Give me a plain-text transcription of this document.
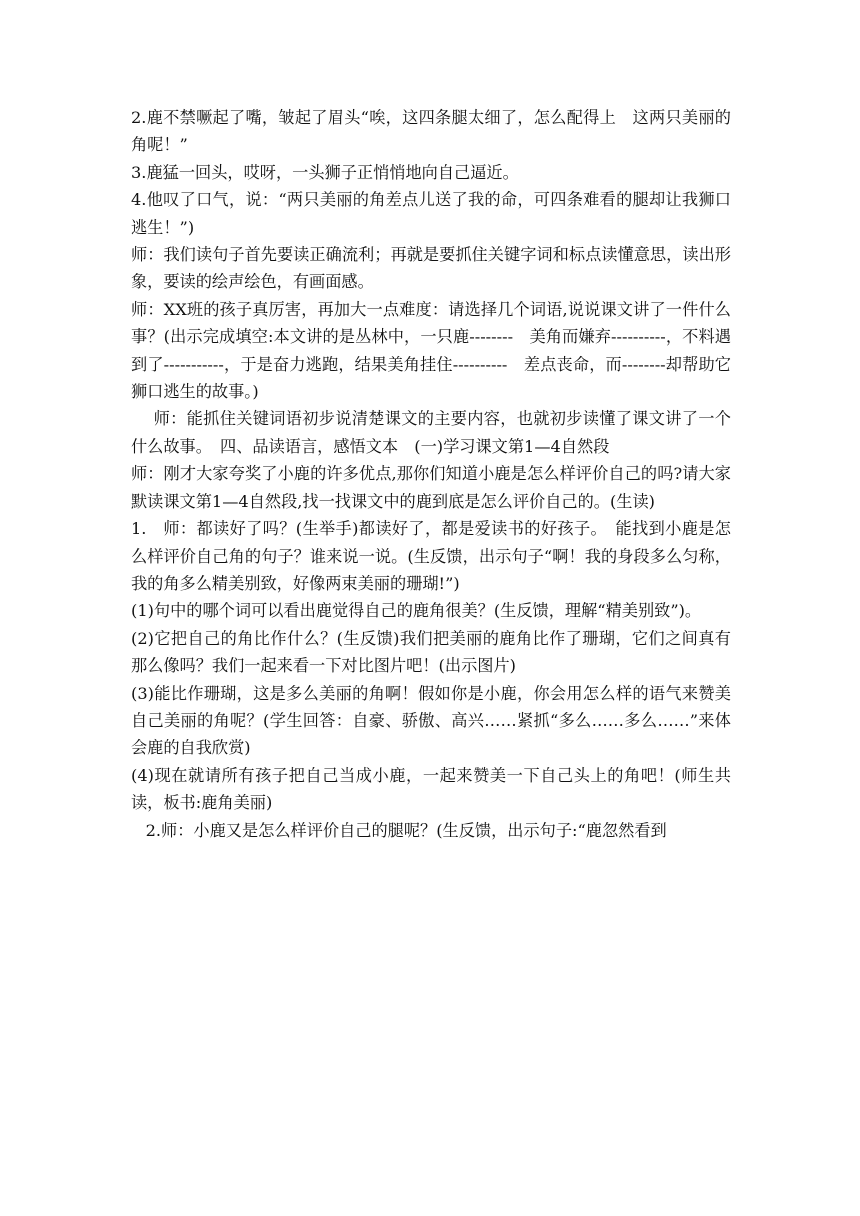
2.鹿不禁噘起了嘴，皱起了眉头“唉，这四条腿太细了，怎么配得上　这两只美丽的角呢！”

3.鹿猛一回头，哎呀，一头狮子正悄悄地向自己逼近。

4.他叹了口气，说：“两只美丽的角差点儿送了我的命，可四条难看的腿却让我狮口逃生！”)

师：我们读句子首先要读正确流利；再就是要抓住关键字词和标点读懂意思，读出形象，要读的绘声绘色，有画面感。

师：XX班的孩子真厉害，再加大一点难度：请选择几个词语,说说课文讲了一件什么事？(出示完成填空:本文讲的是丛林中，一只鹿--------　美角而嫌弃----------，不料遇到了-----------，于是奋力逃跑，结果美角挂住----------　差点丧命，而--------却帮助它狮口逃生的故事。)

师：能抓住关键词语初步说清楚课文的主要内容，也就初步读懂了课文讲了一个什么故事。　四、品读语言，感悟文本　(一)学习课文第1—4自然段

师：刚才大家夸奖了小鹿的许多优点,那你们知道小鹿是怎么样评价自己的吗?请大家默读课文第1—4自然段,找一找课文中的鹿到底是怎么评价自己的。(生读)

1.　师：都读好了吗？(生举手)都读好了，都是爱读书的好孩子。　能找到小鹿是怎么样评价自己角的句子？谁来说一说。(生反馈，出示句子“啊！我的身段多么匀称，我的角多么精美别致，好像两束美丽的珊瑚!”)

(1)句中的哪个词可以看出鹿觉得自己的鹿角很美？(生反馈，理解“精美别致”)。

(2)它把自己的角比作什么？(生反馈)我们把美丽的鹿角比作了珊瑚，它们之间真有那么像吗？我们一起来看一下对比图片吧！(出示图片)

(3)能比作珊瑚，这是多么美丽的角啊！假如你是小鹿，你会用怎么样的语气来赞美自己美丽的角呢？(学生回答：自豪、骄傲、高兴……紧抓“多么……多么……”来体会鹿的自我欣赏)

(4)现在就请所有孩子把自己当成小鹿，一起来赞美一下自己头上的角吧！(师生共读，板书:鹿角美丽)

2.师：小鹿又是怎么样评价自己的腿呢？(生反馈，出示句子:“鹿忽然看到
